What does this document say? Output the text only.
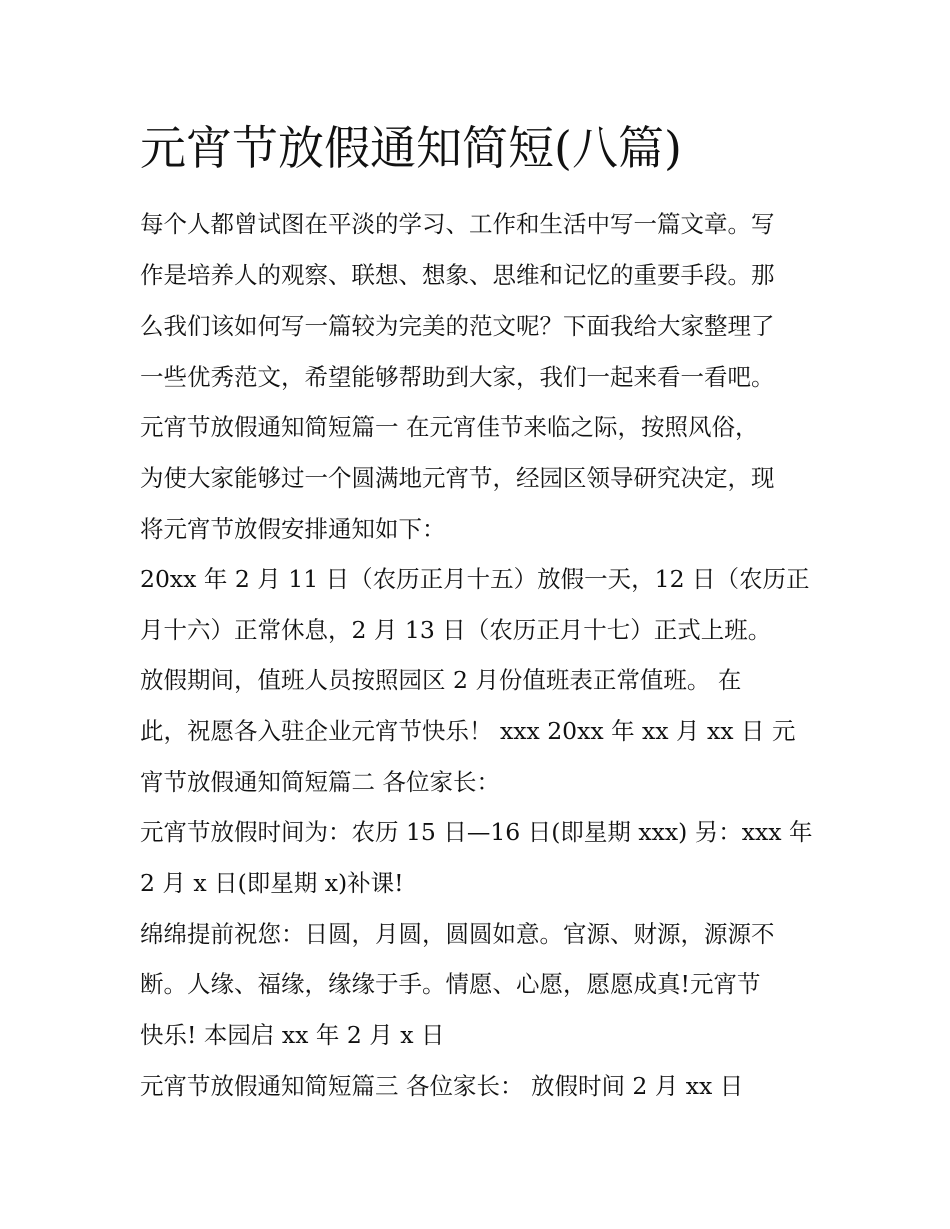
元宵节放假通知简短(八篇)

每个人都曾试图在平淡的学习、工作和生活中写一篇文章。写

作是培养人的观察、联想、想象、思维和记忆的重要手段。那

么我们该如何写一篇较为完美的范文呢？下面我给大家整理了

一些优秀范文，希望能够帮助到大家，我们一起来看一看吧。

元宵节放假通知简短篇一 在元宵佳节来临之际，按照风俗，

为使大家能够过一个圆满地元宵节，经园区领导研究决定，现

将元宵节放假安排通知如下：

20xx 年 2 月 11 日（农历正月十五）放假一天，12 日（农历正

月十六）正常休息，2 月 13 日（农历正月十七）正式上班。

放假期间，值班人员按照园区 2 月份值班表正常值班。 在

此，祝愿各入驻企业元宵节快乐！ xxx 20xx 年 xx 月 xx 日 元

宵节放假通知简短篇二 各位家长：

元宵节放假时间为：农历 15 日—16 日(即星期 xxx) 另：xxx 年

2 月 x 日(即星期 x)补课!

绵绵提前祝您：日圆，月圆，圆圆如意。官源、财源，源源不

断。人缘、福缘，缘缘于手。情愿、心愿，愿愿成真!元宵节

快乐! 本园启 xx 年 2 月 x 日

元宵节放假通知简短篇三 各位家长： 放假时间 2 月 xx 日
